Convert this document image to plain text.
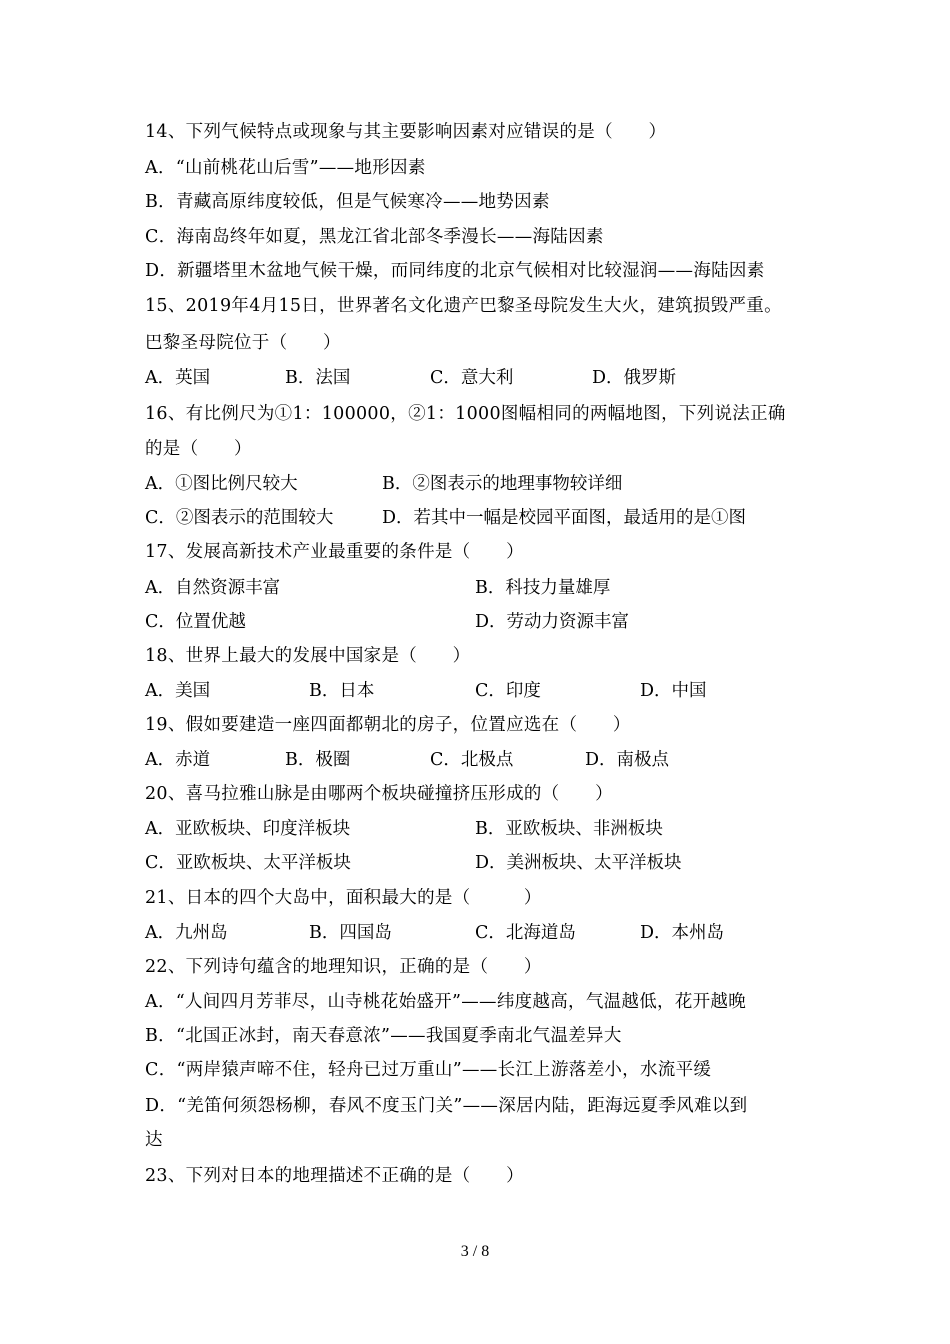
14、下列气候特点或现象与其主要影响因素对应错误的是（　　）
A．“山前桃花山后雪”——地形因素
B．青藏高原纬度较低，但是气候寒冷——地势因素
C．海南岛终年如夏，黑龙江省北部冬季漫长——海陆因素
D．新疆塔里木盆地气候干燥，而同纬度的北京气候相对比较湿润——海陆因素
15、2019年4月15日，世界著名文化遗产巴黎圣母院发生大火，建筑损毁严重。
巴黎圣母院位于（　　）
A．英国	B．法国	C．意大利	D．俄罗斯
16、有比例尺为①1：100000，②1：1000图幅相同的两幅地图，下列说法正确
的是（　　）
A．①图比例尺较大	B．②图表示的地理事物较详细
C．②图表示的范围较大	D．若其中一幅是校园平面图，最适用的是①图
17、发展高新技术产业最重要的条件是（　　）
A．自然资源丰富	B．科技力量雄厚
C．位置优越	D．劳动力资源丰富
18、世界上最大的发展中国家是（　　）
A．美国	B．日本	C．印度	D．中国
19、假如要建造一座四面都朝北的房子，位置应选在（　　）
A．赤道	B．极圈	C．北极点	D．南极点
20、喜马拉雅山脉是由哪两个板块碰撞挤压形成的（　　）
A．亚欧板块、印度洋板块	B．亚欧板块、非洲板块
C．亚欧板块、太平洋板块	D．美洲板块、太平洋板块
21、日本的四个大岛中，面积最大的是（　　　）
A．九州岛	B．四国岛	C．北海道岛	D．本州岛
22、下列诗句蕴含的地理知识，正确的是（　　）
A．“人间四月芳菲尽，山寺桃花始盛开”——纬度越高，气温越低，花开越晚
B．“北国正冰封，南天春意浓”——我国夏季南北气温差异大
C．“两岸猿声啼不住，轻舟已过万重山”——长江上游落差小，水流平缓
D．“羌笛何须怨杨柳，春风不度玉门关”——深居内陆，距海远夏季风难以到
达
23、下列对日本的地理描述不正确的是（　　）
3 / 8
